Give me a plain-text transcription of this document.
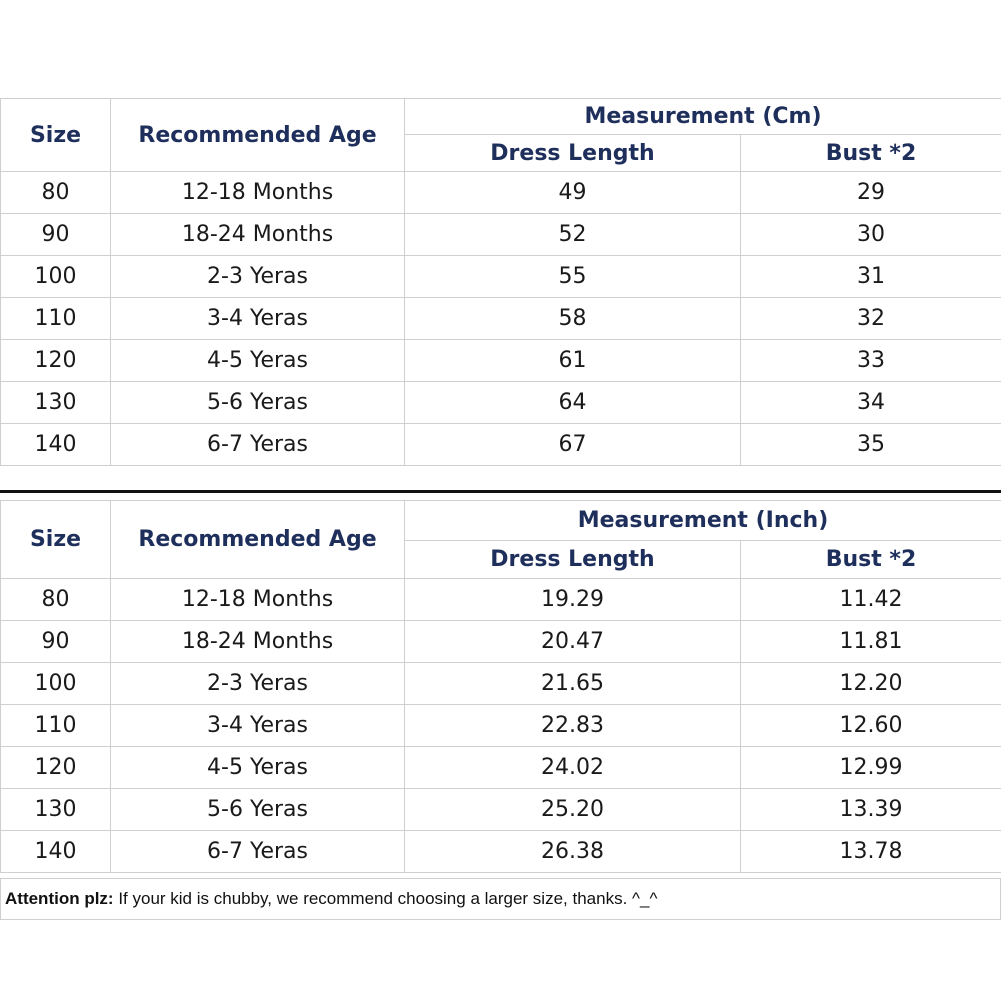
Size	Recommended Age	Measurement (Cm)	
		Dress Length	Bust *2
80	12-18 Months	49	29
90	18-24 Months	52	30
100	2-3 Yeras	55	31
110	3-4 Yeras	58	32
120	4-5 Yeras	61	33
130	5-6 Yeras	64	34
140	6-7 Yeras	67	35
Size	Recommended Age	Measurement (Inch)	
		Dress Length	Bust *2
80	12-18 Months	19.29	11.42
90	18-24 Months	20.47	11.81
100	2-3 Yeras	21.65	12.20
110	3-4 Yeras	22.83	12.60
120	4-5 Yeras	24.02	12.99
130	5-6 Yeras	25.20	13.39
140	6-7 Yeras	26.38	13.78
Attention plz: If your kid is chubby, we recommend choosing a larger size, thanks. ^_^
